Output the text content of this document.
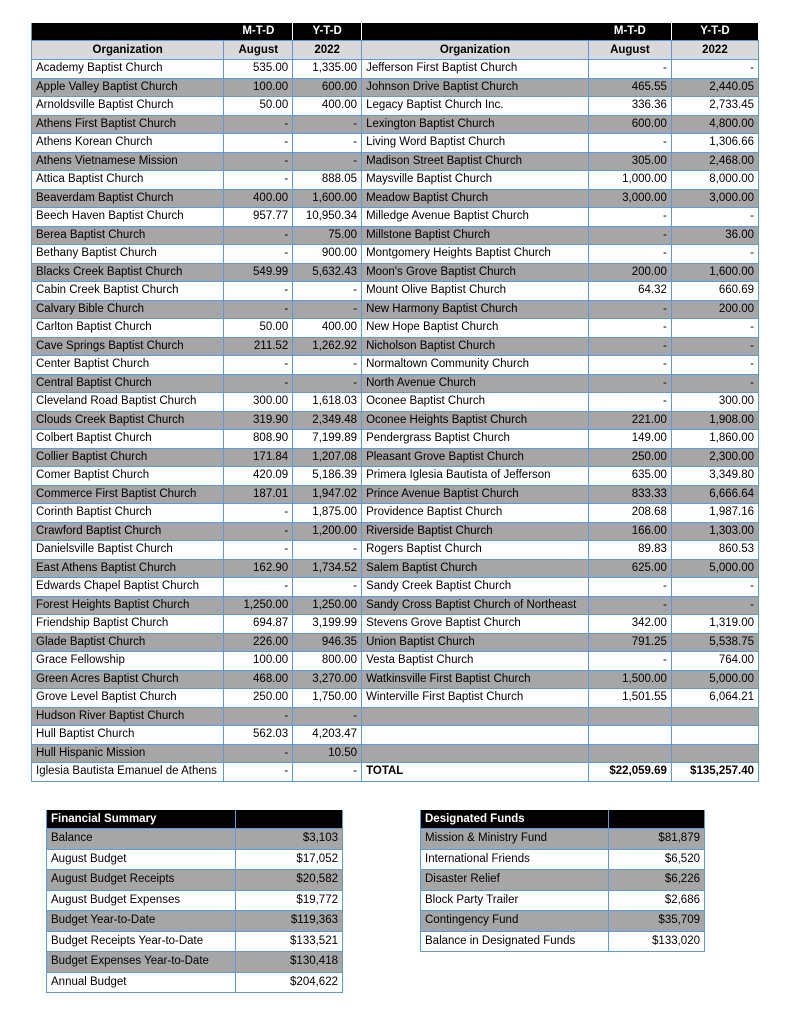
	M-T-D	Y-T-D		M-T-D	Y-T-D
Organization	August	2022	Organization	August	2022
Academy Baptist Church	535.00	1,335.00	Jefferson First Baptist Church	-	-
Apple Valley Baptist Church	100.00	600.00	Johnson Drive Baptist Church	465.55	2,440.05
Arnoldsville Baptist Church	50.00	400.00	Legacy Baptist Church Inc.	336.36	2,733.45
Athens First Baptist Church	-	-	Lexington Baptist Church	600.00	4,800.00
Athens Korean Church	-	-	Living Word Baptist Church	-	1,306.66
Athens Vietnamese Mission	-	-	Madison Street Baptist Church	305.00	2,468.00
Attica Baptist Church	-	888.05	Maysville Baptist Church	1,000.00	8,000.00
Beaverdam Baptist Church	400.00	1,600.00	Meadow Baptist Church	3,000.00	3,000.00
Beech Haven Baptist Church	957.77	10,950.34	Milledge Avenue Baptist Church	-	-
Berea Baptist Church	-	75.00	Millstone Baptist Church	-	36.00
Bethany Baptist Church	-	900.00	Montgomery Heights Baptist Church	-	-
Blacks Creek Baptist Church	549.99	5,632.43	Moon's Grove Baptist Church	200.00	1,600.00
Cabin Creek Baptist Church	-	-	Mount Olive Baptist Church	64.32	660.69
Calvary Bible Church	-	-	New Harmony Baptist Church	-	200.00
Carlton Baptist Church	50.00	400.00	New Hope Baptist Church	-	-
Cave Springs Baptist Church	211.52	1,262.92	Nicholson Baptist Church	-	-
Center Baptist Church	-	-	Normaltown Community Church	-	-
Central Baptist Church	-	-	North Avenue Church	-	-
Cleveland Road Baptist Church	300.00	1,618.03	Oconee Baptist Church	-	300.00
Clouds Creek Baptist Church	319.90	2,349.48	Oconee Heights Baptist Church	221.00	1,908.00
Colbert Baptist Church	808.90	7,199.89	Pendergrass Baptist Church	149.00	1,860.00
Collier Baptist Church	171.84	1,207.08	Pleasant Grove Baptist Church	250.00	2,300.00
Comer Baptist Church	420.09	5,186.39	Primera Iglesia Bautista of Jefferson	635.00	3,349.80
Commerce First Baptist Church	187.01	1,947.02	Prince Avenue Baptist Church	833.33	6,666.64
Corinth Baptist Church	-	1,875.00	Providence Baptist Church	208.68	1,987.16
Crawford Baptist Church	-	1,200.00	Riverside Baptist Church	166.00	1,303.00
Danielsville Baptist Church	-	-	Rogers Baptist Church	89.83	860.53
East Athens Baptist Church	162.90	1,734.52	Salem Baptist Church	625.00	5,000.00
Edwards Chapel Baptist Church	-	-	Sandy Creek Baptist Church	-	-
Forest Heights Baptist Church	1,250.00	1,250.00	Sandy Cross Baptist Church of Northeast	-	-
Friendship Baptist Church	694.87	3,199.99	Stevens Grove Baptist Church	342.00	1,319.00
Glade Baptist Church	226.00	946.35	Union Baptist Church	791.25	5,538.75
Grace Fellowship	100.00	800.00	Vesta Baptist Church	-	764.00
Green Acres Baptist Church	468.00	3,270.00	Watkinsville First Baptist Church	1,500.00	5,000.00
Grove Level Baptist Church	250.00	1,750.00	Winterville First Baptist Church	1,501.55	6,064.21
Hudson River Baptist Church	-	-			
Hull Baptist Church	562.03	4,203.47			
Hull Hispanic Mission	-	10.50			
Iglesia Bautista Emanuel de Athens	-	-	TOTAL	$22,059.69	$135,257.40
Financial Summary	
Balance	$3,103
August Budget	$17,052
August Budget Receipts	$20,582
August Budget Expenses	$19,772
Budget Year-to-Date	$119,363
Budget Receipts Year-to-Date	$133,521
Budget Expenses Year-to-Date	$130,418
Annual Budget	$204,622
Designated Funds	
Mission & Ministry Fund	$81,879
International Friends	$6,520
Disaster Relief	$6,226
Block Party Trailer	$2,686
Contingency Fund	$35,709
Balance in Designated Funds	$133,020
